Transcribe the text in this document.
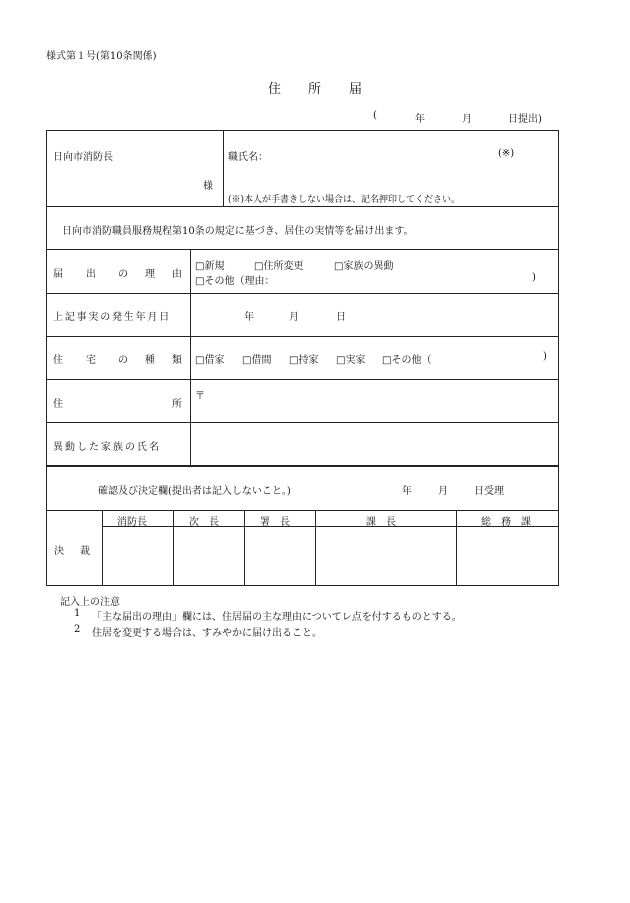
様式第１号(第10条関係)
住 所 届
(	年	月	日提出)
日向市消防長
様
職氏名：	(※)
(※)本人が手書きしない場合は、記名押印してください。
日向市消防職員服務規程第10条の規定に基づき、居住の実情等を届け出ます。
届 出 の 理 由
□新規	□住所変更	□家族の異動
□その他（理由：	)
上記事実の発生年月日	年	月	日
住 宅 の 種 類 □借家 □借間 □持家 □実家 □その他（	)
住	所
〒
異動した家族の氏名
確認及び決定欄(提出者は記入しないこと。)	年	月	日受理
決 裁
消防長	次　長	署　長	課　長	総　務　課
記入上の注意
1 「主な届出の理由」欄には、住居届の主な理由についてレ点を付するものとする。
2 住居を変更する場合は、すみやかに届け出ること。
